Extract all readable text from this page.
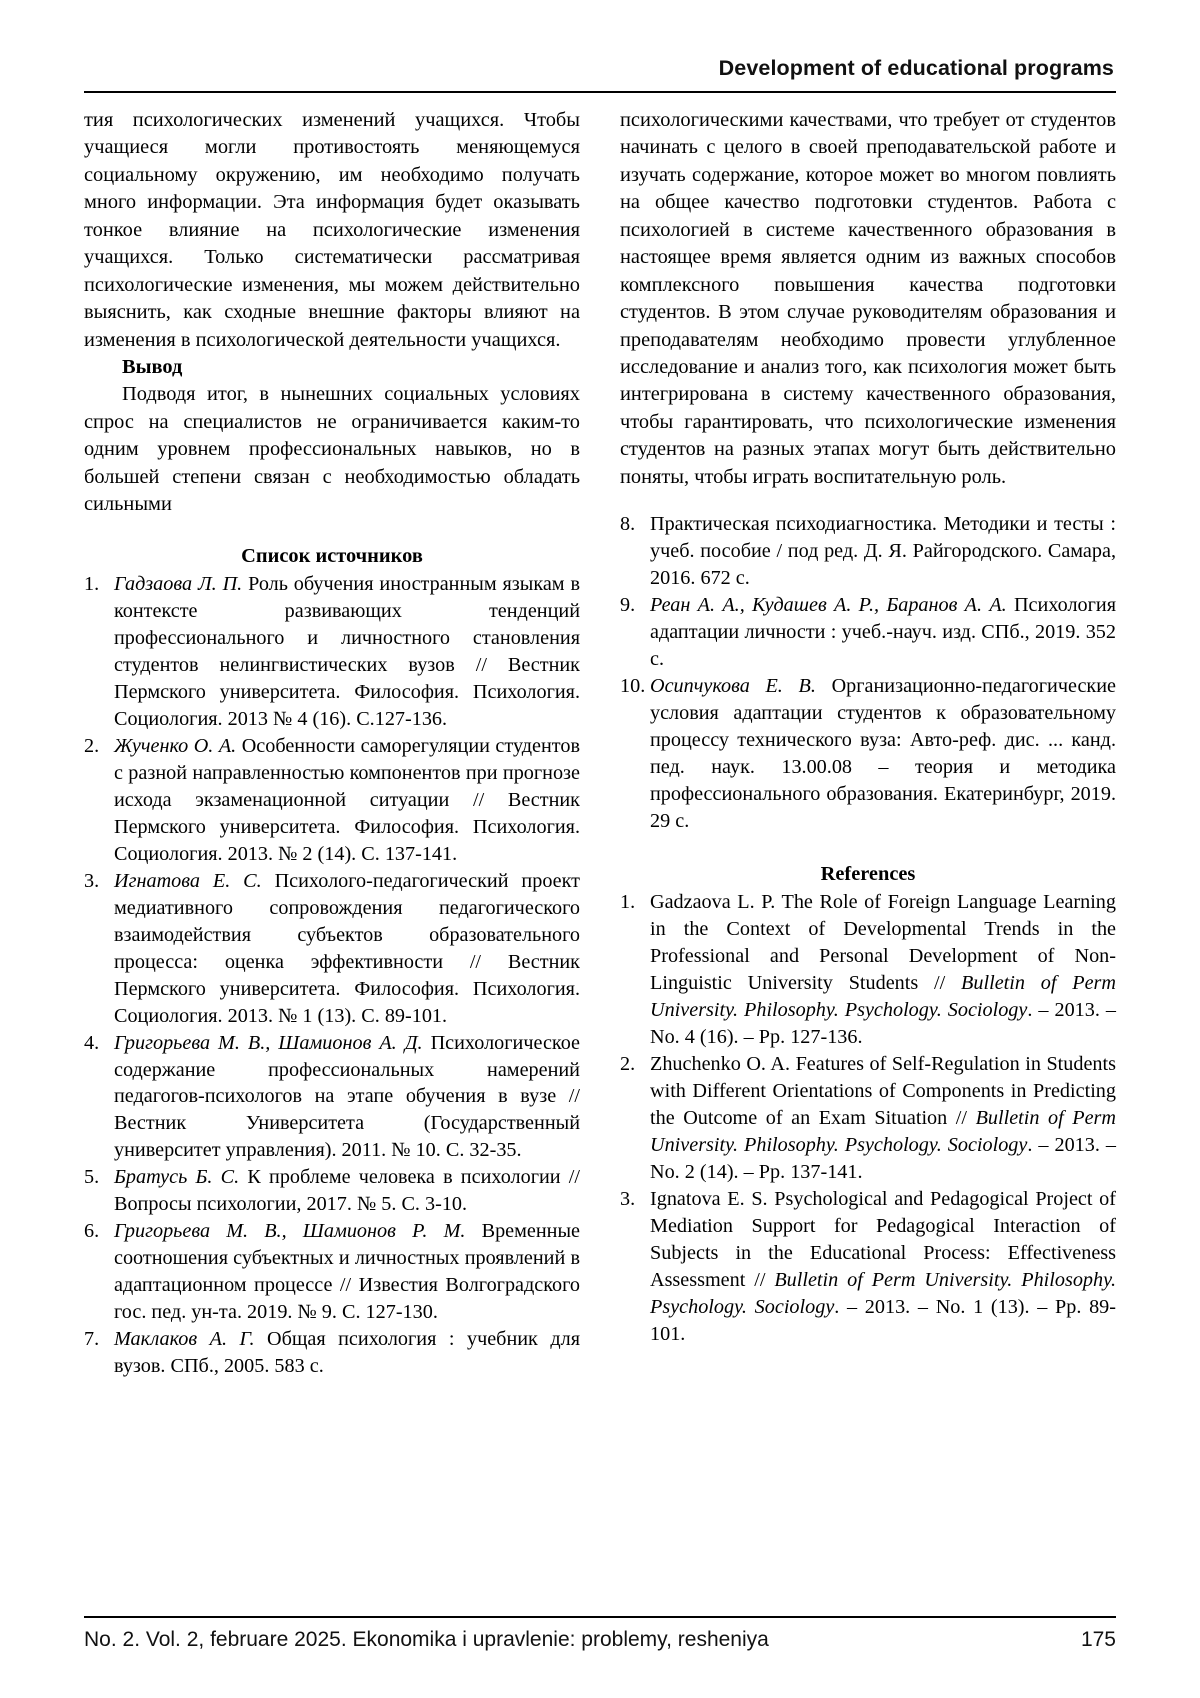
Development of educational programs

тия психологических изменений учащихся. Чтобы учащиеся могли противостоять меняющемуся социальному окружению, им необходимо получать много информации. Эта информация будет оказывать тонкое влияние на психологические изменения учащихся. Только систематически рассматривая психологические изменения, мы можем действительно выяснить, как сходные внешние факторы влияют на изменения в психологической деятельности учащихся.

Вывод

Подводя итог, в нынешних социальных условиях спрос на специалистов не ограничивается каким-то одним уровнем профессиональных навыков, но в большей степени связан с необходимостью обладать сильными

Список источников
1. Гадзаова Л. П. Роль обучения иностранным языкам в контексте развивающих тенденций профессионального и личностного становления студентов нелингвистических вузов // Вестник Пермского университета. Философия. Психология. Социология. 2013 № 4 (16). С.127-136.
2. Жученко О. А. Особенности саморегуляции студентов с разной направленностью компонентов при прогнозе исхода экзаменационной ситуации // Вестник Пермского университета. Философия. Психология. Социология. 2013. № 2 (14). С. 137-141.
3. Игнатова Е. С. Психолого-педагогический проект медиативного сопровождения педагогического взаимодействия субъектов образовательного процесса: оценка эффективности // Вестник Пермского университета. Философия. Психология. Социология. 2013. № 1 (13). С. 89-101.
4. Григорьева М. В., Шамионов А. Д. Психологическое содержание профессиональных намерений педагогов-психологов на этапе обучения в вузе // Вестник Университета (Государственный университет управления). 2011. № 10. С. 32-35.
5. Братусь Б. С. К проблеме человека в психологии // Вопросы психологии, 2017. № 5. С. 3-10.
6. Григорьева М. В., Шамионов Р. М. Временные соотношения субъектных и личностных проявлений в адаптационном процессе // Известия Волгоградского гос. пед. ун-та. 2019. № 9. С. 127-130.
7. Маклаков А. Г. Общая психология : учебник для вузов. СПб., 2005. 583 с.

психологическими качествами, что требует от студентов начинать с целого в своей преподавательской работе и изучать содержание, которое может во многом повлиять на общее качество подготовки студентов. Работа с психологией в системе качественного образования в настоящее время является одним из важных способов комплексного повышения качества подготовки студентов. В этом случае руководителям образования и преподавателям необходимо провести углубленное исследование и анализ того, как психология может быть интегрирована в систему качественного образования, чтобы гарантировать, что психологические изменения студентов на разных этапах могут быть действительно поняты, чтобы играть воспитательную роль.

8. Практическая психодиагностика. Методики и тесты : учеб. пособие / под ред. Д. Я. Райгородского. Самара, 2016. 672 с.
9. Реан А. А., Кудашев А. Р., Баранов А. А. Психология адаптации личности : учеб.-науч. изд. СПб., 2019. 352 с.
10. Осипчукова Е. В. Организационно-педагогические условия адаптации студентов к образовательному процессу технического вуза: Авто-реф. дис. ... канд. пед. наук. 13.00.08 – теория и методика профессионального образования. Екатеринбург, 2019. 29 с.
References
1. Gadzaova L. P. The Role of Foreign Language Learning in the Context of Developmental Trends in the Professional and Personal Development of Non-Linguistic University Students // Bulletin of Perm University. Philosophy. Psychology. Sociology. – 2013. – No. 4 (16). – Pp. 127-136.
2. Zhuchenko O. A. Features of Self-Regulation in Students with Different Orientations of Components in Predicting the Outcome of an Exam Situation // Bulletin of Perm University. Philosophy. Psychology. Sociology. – 2013. – No. 2 (14). – Pp. 137-141.
3. Ignatova E. S. Psychological and Pedagogical Project of Mediation Support for Pedagogical Interaction of Subjects in the Educational Process: Effectiveness Assessment // Bulletin of Perm University. Philosophy. Psychology. Sociology. – 2013. – No. 1 (13). – Pp. 89-101.
No. 2. Vol. 2, februare 2025. Ekonomika i upravlenie: problemy, resheniya	175
